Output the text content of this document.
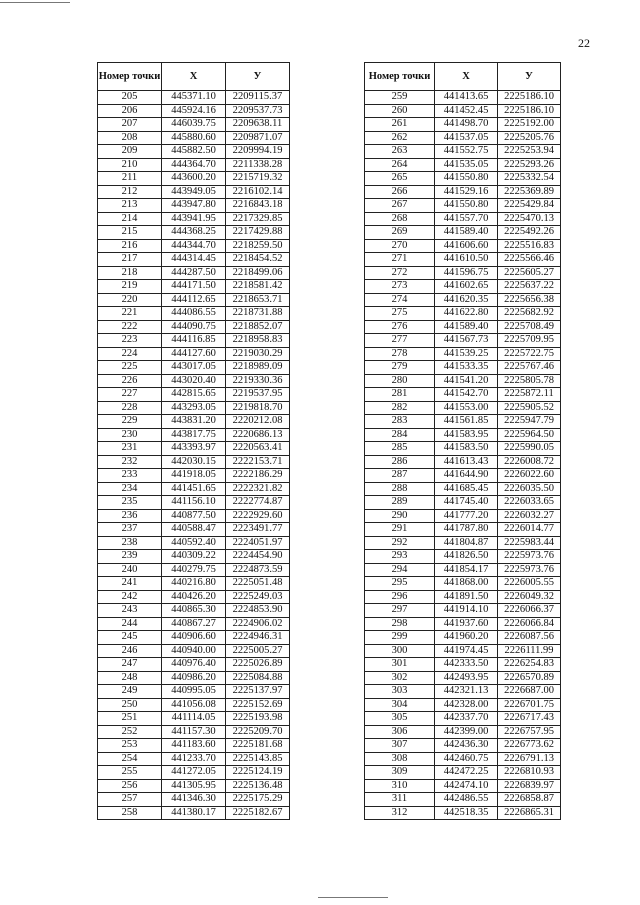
22
Номер точки	X	У
205	445371.10	2209115.37
206	445924.16	2209537.73
207	446039.75	2209638.11
208	445880.60	2209871.07
209	445882.50	2209994.19
210	444364.70	2211338.28
211	443600.20	2215719.32
212	443949.05	2216102.14
213	443947.80	2216843.18
214	443941.95	2217329.85
215	444368.25	2217429.88
216	444344.70	2218259.50
217	444314.45	2218454.52
218	444287.50	2218499.06
219	444171.50	2218581.42
220	444112.65	2218653.71
221	444086.55	2218731.88
222	444090.75	2218852.07
223	444116.85	2218958.83
224	444127.60	2219030.29
225	443017.05	2218989.09
226	443020.40	2219330.36
227	442815.65	2219537.95
228	443293.05	2219818.70
229	443831.20	2220212.08
230	443817.75	2220686.13
231	443393.97	2220563.41
232	442030.15	2222153.71
233	441918.05	2222186.29
234	441451.65	2222321.82
235	441156.10	2222774.87
236	440877.50	2222929.60
237	440588.47	2223491.77
238	440592.40	2224051.97
239	440309.22	2224454.90
240	440279.75	2224873.59
241	440216.80	2225051.48
242	440426.20	2225249.03
243	440865.30	2224853.90
244	440867.27	2224906.02
245	440906.60	2224946.31
246	440940.00	2225005.27
247	440976.40	2225026.89
248	440986.20	2225084.88
249	440995.05	2225137.97
250	441056.08	2225152.69
251	441114.05	2225193.98
252	441157.30	2225209.70
253	441183.60	2225181.68
254	441233.70	2225143.85
255	441272.05	2225124.19
256	441305.95	2225136.48
257	441346.30	2225175.29
258	441380.17	2225182.67
Номер точки	X	У
259	441413.65	2225186.10
260	441452.45	2225186.10
261	441498.70	2225192.00
262	441537.05	2225205.76
263	441552.75	2225253.94
264	441535.05	2225293.26
265	441550.80	2225332.54
266	441529.16	2225369.89
267	441550.80	2225429.84
268	441557.70	2225470.13
269	441589.40	2225492.26
270	441606.60	2225516.83
271	441610.50	2225566.46
272	441596.75	2225605.27
273	441602.65	2225637.22
274	441620.35	2225656.38
275	441622.80	2225682.92
276	441589.40	2225708.49
277	441567.73	2225709.95
278	441539.25	2225722.75
279	441533.35	2225767.46
280	441541.20	2225805.78
281	441542.70	2225872.11
282	441553.00	2225905.52
283	441561.85	2225947.79
284	441583.95	2225964.50
285	441583.50	2225990.05
286	441613.43	2226008.72
287	441644.90	2226022.60
288	441685.45	2226035.50
289	441745.40	2226033.65
290	441777.20	2226032.27
291	441787.80	2226014.77
292	441804.87	2225983.44
293	441826.50	2225973.76
294	441854.17	2225973.76
295	441868.00	2226005.55
296	441891.50	2226049.32
297	441914.10	2226066.37
298	441937.60	2226066.84
299	441960.20	2226087.56
300	441974.45	2226111.99
301	442333.50	2226254.83
302	442493.95	2226570.89
303	442321.13	2226687.00
304	442328.00	2226701.75
305	442337.70	2226717.43
306	442399.00	2226757.95
307	442436.30	2226773.62
308	442460.75	2226791.13
309	442472.25	2226810.93
310	442474.10	2226839.97
311	442486.55	2226858.87
312	442518.35	2226865.31
